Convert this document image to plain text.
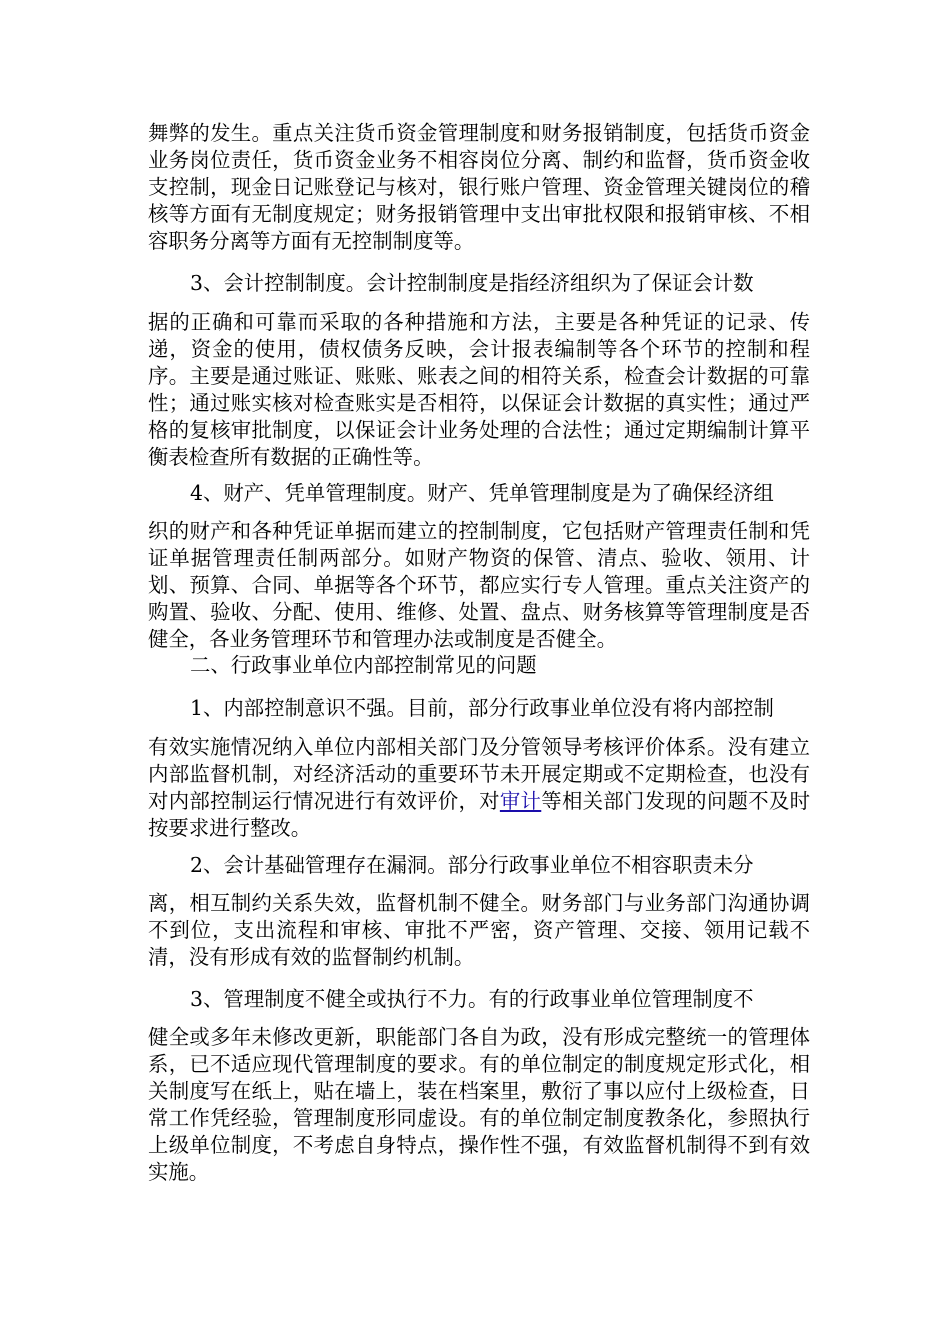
舞弊的发生。重点关注货币资金管理制度和财务报销制度，包括货币资金业务岗位责任，货币资金业务不相容岗位分离、制约和监督，货币资金收支控制，现金日记账登记与核对，银行账户管理、资金管理关键岗位的稽核等方面有无制度规定；财务报销管理中支出审批权限和报销审核、不相容职务分离等方面有无控制制度等。

3、会计控制制度。会计控制制度是指经济组织为了保证会计数

据的正确和可靠而采取的各种措施和方法，主要是各种凭证的记录、传递，资金的使用，债权债务反映，会计报表编制等各个环节的控制和程序。主要是通过账证、账账、账表之间的相符关系，检查会计数据的可靠性；通过账实核对检查账实是否相符，以保证会计数据的真实性；通过严格的复核审批制度，以保证会计业务处理的合法性；通过定期编制计算平衡表检查所有数据的正确性等。

4、财产、凭单管理制度。财产、凭单管理制度是为了确保经济组

织的财产和各种凭证单据而建立的控制制度，它包括财产管理责任制和凭证单据管理责任制两部分。如财产物资的保管、清点、验收、领用、计划、预算、合同、单据等各个环节，都应实行专人管理。重点关注资产的购置、验收、分配、使用、维修、处置、盘点、财务核算等管理制度是否健全，各业务管理环节和管理办法或制度是否健全。

二、行政事业单位内部控制常见的问题

1、内部控制意识不强。目前，部分行政事业单位没有将内部控制

有效实施情况纳入单位内部相关部门及分管领导考核评价体系。没有建立内部监督机制，对经济活动的重要环节未开展定期或不定期检查，也没有对内部控制运行情况进行有效评价，对审计等相关部门发现的问题不及时按要求进行整改。

2、会计基础管理存在漏洞。部分行政事业单位不相容职责未分

离，相互制约关系失效，监督机制不健全。财务部门与业务部门沟通协调不到位，支出流程和审核、审批不严密，资产管理、交接、领用记载不清，没有形成有效的监督制约机制。

3、管理制度不健全或执行不力。有的行政事业单位管理制度不

健全或多年未修改更新，职能部门各自为政，没有形成完整统一的管理体系，已不适应现代管理制度的要求。有的单位制定的制度规定形式化，相关制度写在纸上，贴在墙上，装在档案里，敷衍了事以应付上级检查，日常工作凭经验，管理制度形同虚设。有的单位制定制度教条化，参照执行上级单位制度，不考虑自身特点，操作性不强，有效监督机制得不到有效实施。
